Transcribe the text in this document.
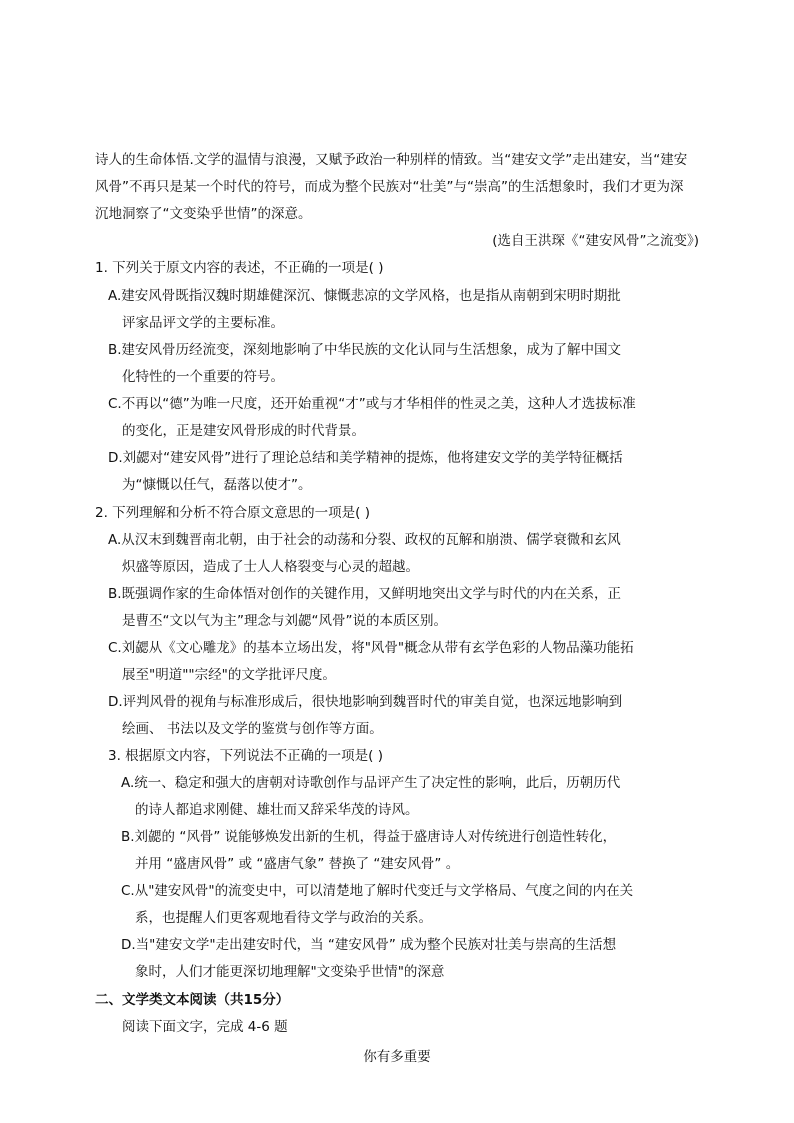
诗人的生命体悟.文学的温情与浪漫，又赋予政治一种别样的情致。当“建安文学”走出建安，当“建安
风骨”不再只是某一个时代的符号，而成为整个民族对“壮美”与“崇高”的生活想象时，我们才更为深
沉地洞察了“文变染乎世情”的深意。
(选自王洪琛《“建安风骨”之流变》)
1. 下列关于原文内容的表述，不正确的一项是( )
A.建安风骨既指汉魏时期雄健深沉、慷慨悲凉的文学风格，也是指从南朝到宋明时期批
评家品评文学的主要标准。
B.建安风骨历经流变，深刻地影响了中华民族的文化认同与生活想象，成为了解中国文
化特性的一个重要的符号。
C.不再以“德”为唯一尺度，还开始重视“才”或与才华相伴的性灵之美，这种人才选拔标准
的变化，正是建安风骨形成的时代背景。
D.刘勰对“建安风骨”进行了理论总结和美学精神的提炼，他将建安文学的美学特征概括
为“慷慨以任气，磊落以使才”。
2. 下列理解和分析不符合原文意思的一项是( )
A.从汉末到魏晋南北朝，由于社会的动荡和分裂、政权的瓦解和崩溃、儒学衰微和玄风
炽盛等原因，造成了士人人格裂变与心灵的超越。
B.既强调作家的生命体悟对创作的关键作用，又鲜明地突出文学与时代的内在关系，正
是曹丕“文以气为主”理念与刘勰“风骨”说的本质区别。
C.刘勰从《文心雕龙》的基本立场出发，将"风骨"概念从带有玄学色彩的人物品藻功能拓
展至"明道""宗经"的文学批评尺度。
D.评判风骨的视角与标准形成后，很快地影响到魏晋时代的审美自觉，也深远地影响到
绘画、 书法以及文学的鉴赏与创作等方面。
3. 根据原文内容，下列说法不正确的一项是( )
A.统一、稳定和强大的唐朝对诗歌创作与品评产生了决定性的影响，此后，历朝历代
的诗人都追求刚健、雄壮而又辞采华茂的诗风。
B.刘勰的 “风骨” 说能够焕发出新的生机，得益于盛唐诗人对传统进行创造性转化，
并用 “盛唐风骨” 或 “盛唐气象” 替换了 “建安风骨” 。
C.从"建安风骨"的流变史中，可以清楚地了解时代变迁与文学格局、气度之间的内在关
系，也提醒人们更客观地看待文学与政治的关系。
D.当"建安文学"走出建安时代，当 “建安风骨” 成为整个民族对壮美与崇高的生活想
象时，人们才能更深切地理解"文变染乎世情"的深意
二、文学类文本阅读（共15分）
阅读下面文字，完成 4-6 题
你有多重要
